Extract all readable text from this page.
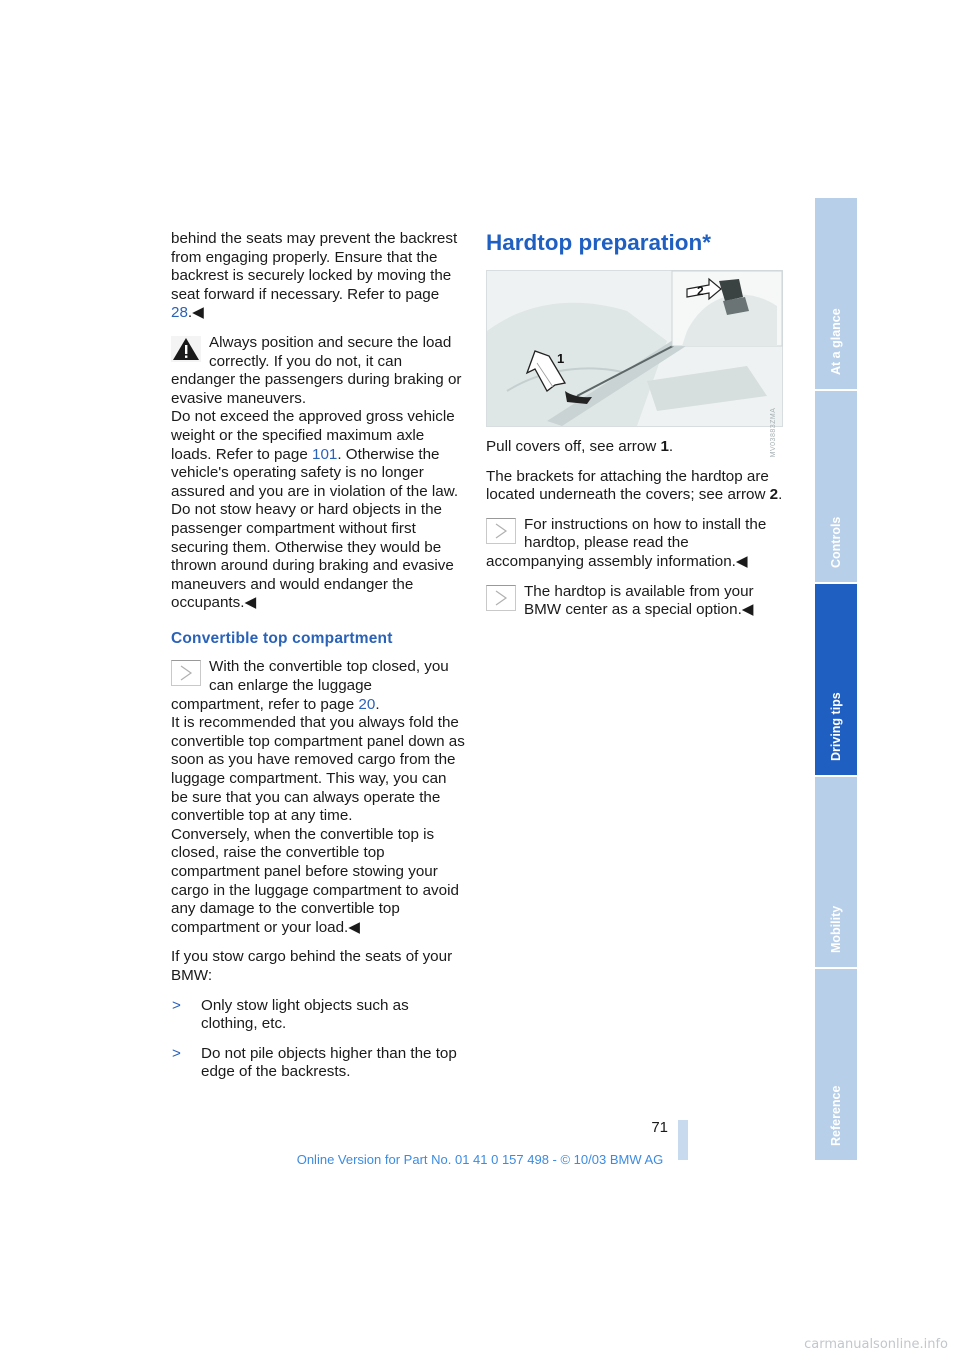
behind the seats may prevent the backrest from engaging properly. Ensure that the backrest is securely locked by moving the seat forward if necessary. Refer to page 28.◀

Always position and secure the load correctly. If you do not, it can endanger the passengers during braking or evasive maneuvers.
Do not exceed the approved gross vehicle weight or the specified maximum axle loads. Refer to page 101. Otherwise the vehicle's operating safety is no longer assured and you are in violation of the law.
Do not stow heavy or hard objects in the passenger compartment without first securing them. Otherwise they would be thrown around during braking and evasive maneuvers and would endanger the occupants.◀
Convertible top compartment
With the convertible top closed, you can enlarge the luggage compartment, refer to page 20.
It is recommended that you always fold the convertible top compartment panel down as soon as you have removed cargo from the luggage compartment. This way, you can be sure that you can always operate the convertible top at any time.
Conversely, when the convertible top is closed, raise the convertible top compartment panel before stowing your cargo in the luggage compartment to avoid any damage to the convertible top compartment or your load.◀

If you stow cargo behind the seats of your BMW:

> Only stow light objects such as clothing, etc.
> Do not pile objects higher than the top edge of the backrests.
Hardtop preparation*
1
2
MV03883ZMA

Pull covers off, see arrow 1.

The brackets for attaching the hardtop are located underneath the covers; see arrow 2.

For instructions on how to install the hardtop, please read the accompanying assembly information.◀
The hardtop is available from your BMW center as a special option.◀
At a glance
Controls
Driving tips
Mobility
Reference
71
Online Version for Part No. 01 41 0 157 498 - © 10/03 BMW AG
carmanualsonline.info
